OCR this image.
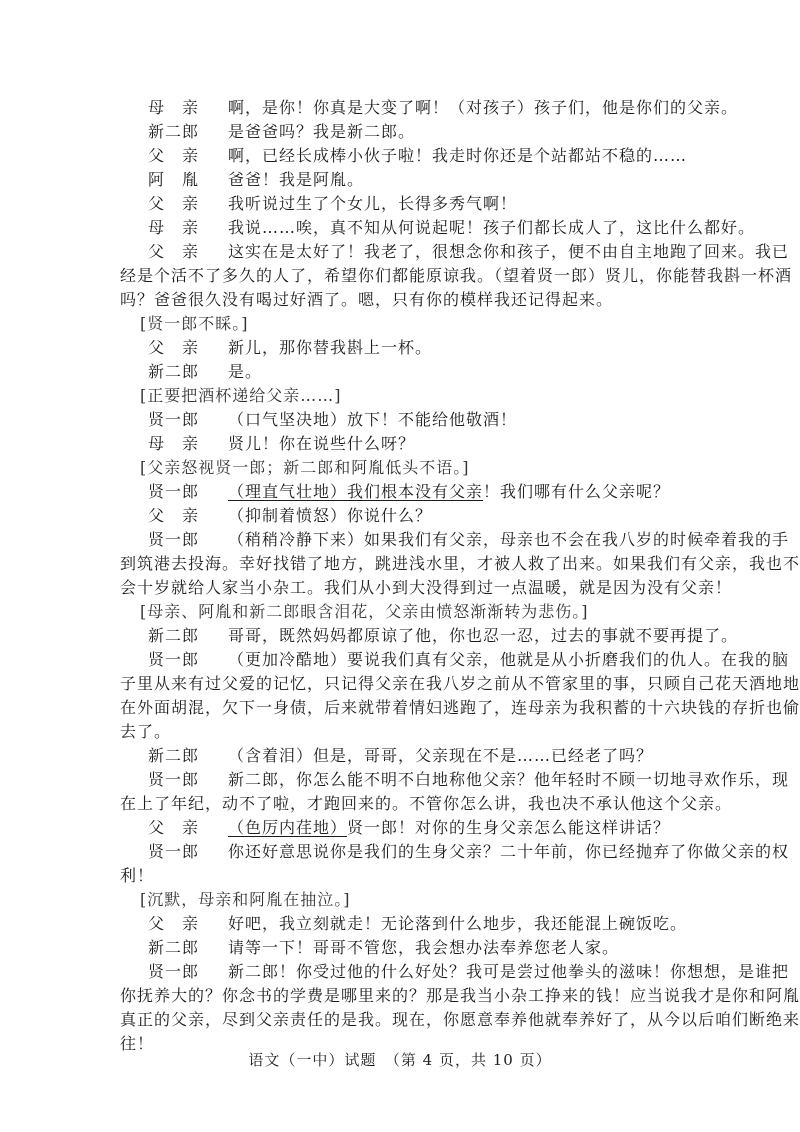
母　亲 啊，是你！你真是大变了啊！（对孩子）孩子们，他是你们的父亲。
新二郎 是爸爸吗？我是新二郎。
父　亲 啊，已经长成棒小伙子啦！我走时你还是个站都站不稳的……
阿　胤 爸爸！我是阿胤。
父　亲 我听说过生了个女儿，长得多秀气啊！
母　亲 我说……唉，真不知从何说起呢！孩子们都长成人了，这比什么都好。
父　亲 这实在是太好了！我老了，很想念你和孩子，便不由自主地跑了回来。我已
经是个活不了多久的人了，希望你们都能原谅我。（望着贤一郎）贤儿，你能替我斟一杯酒
吗？爸爸很久没有喝过好酒了。嗯，只有你的模样我还记得起来。
[贤一郎不睬。]
父　亲 新儿，那你替我斟上一杯。
新二郎 是。
[正要把酒杯递给父亲……]
贤一郎 （口气坚决地）放下！不能给他敬酒！
母　亲 贤儿！你在说些什么呀？
[父亲怒视贤一郎；新二郎和阿胤低头不语。]
贤一郎 （理直气壮地）我们根本没有父亲！我们哪有什么父亲呢？
父　亲 （抑制着愤怒）你说什么？
贤一郎 （稍稍冷静下来）如果我们有父亲，母亲也不会在我八岁的时候牵着我的手
到筑港去投海。幸好找错了地方，跳进浅水里，才被人救了出来。如果我们有父亲，我也不
会十岁就给人家当小杂工。我们从小到大没得到过一点温暖，就是因为没有父亲！
[母亲、阿胤和新二郎眼含泪花，父亲由愤怒渐渐转为悲伤。]
新二郎 哥哥，既然妈妈都原谅了他，你也忍一忍，过去的事就不要再提了。
贤一郎 （更加冷酷地）要说我们真有父亲，他就是从小折磨我们的仇人。在我的脑
子里从来有过父爱的记忆，只记得父亲在我八岁之前从不管家里的事，只顾自己花天酒地地
在外面胡混，欠下一身债，后来就带着情妇逃跑了，连母亲为我积蓄的十六块钱的存折也偷
去了。
新二郎 （含着泪）但是，哥哥，父亲现在不是……已经老了吗？
贤一郎 新二郎，你怎么能不明不白地称他父亲？他年轻时不顾一切地寻欢作乐，现
在上了年纪，动不了啦，才跑回来的。不管你怎么讲，我也决不承认他这个父亲。
父　亲 （色厉内荏地）贤一郎！对你的生身父亲怎么能这样讲话？
贤一郎 你还好意思说你是我们的生身父亲？二十年前，你已经抛弃了你做父亲的权
利！
[沉默，母亲和阿胤在抽泣。]
父　亲 好吧，我立刻就走！无论落到什么地步，我还能混上碗饭吃。
新二郎 请等一下！哥哥不管您，我会想办法奉养您老人家。
贤一郎 新二郎！你受过他的什么好处？我可是尝过他拳头的滋味！你想想，是谁把
你抚养大的？你念书的学费是哪里来的？那是我当小杂工挣来的钱！应当说我才是你和阿胤
真正的父亲，尽到父亲责任的是我。现在，你愿意奉养他就奉养好了，从今以后咱们断绝来
往！
语文（一中）试题　（第 4 页，共 10 页）
